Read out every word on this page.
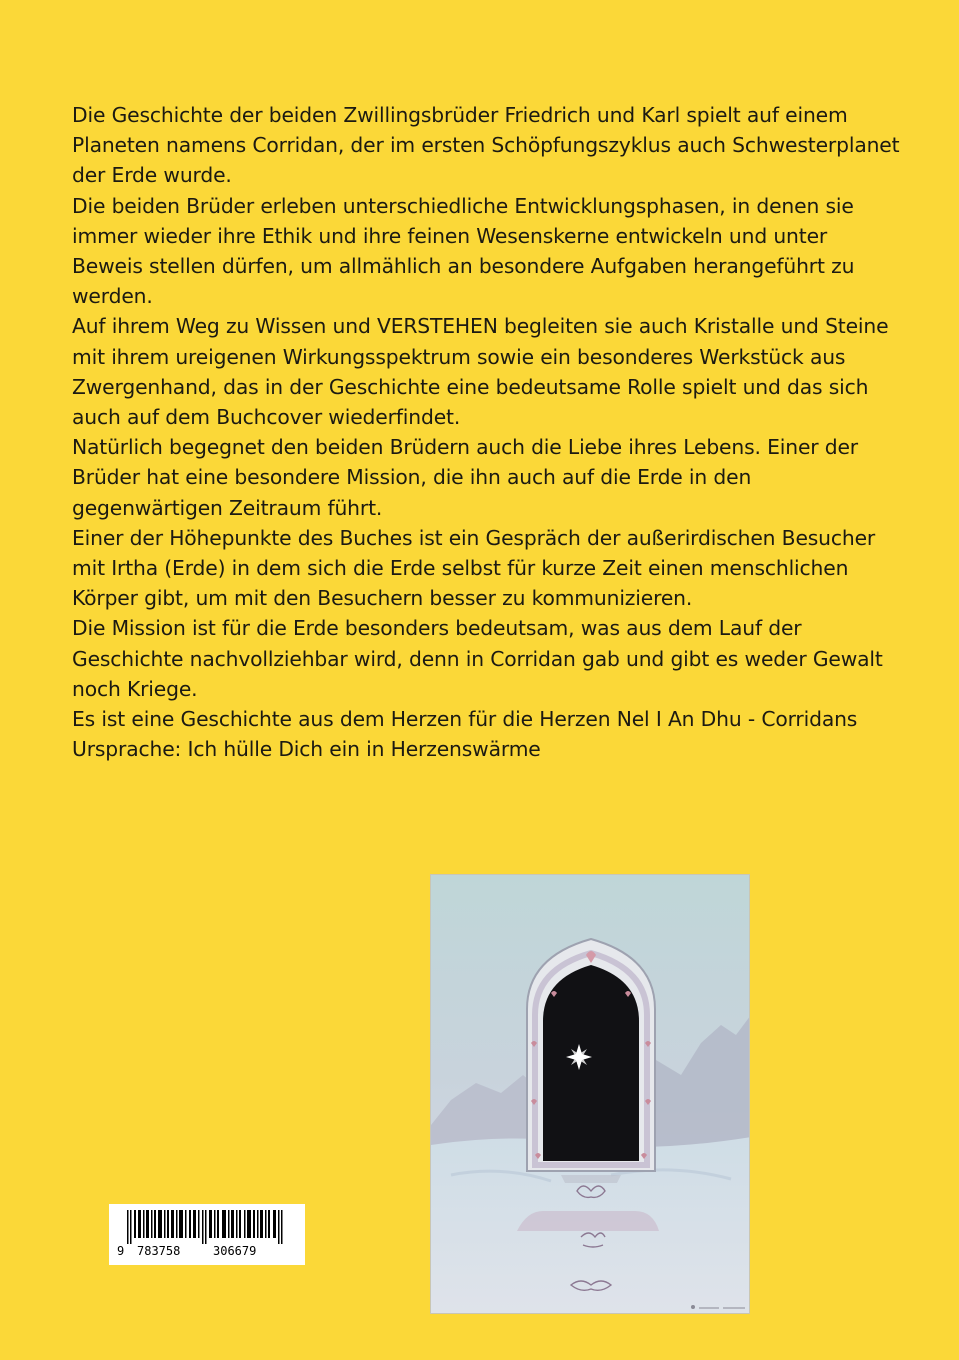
Die Geschichte der beiden Zwillingsbrüder Friedrich und Karl spielt auf einem Planeten namens Corridan, der im ersten Schöpfungszyklus auch Schwesterplanet der Erde wurde.

Die beiden Brüder erleben unterschiedliche Entwicklungsphasen, in denen sie immer wieder ihre Ethik und ihre feinen Wesenskerne entwickeln und unter Beweis stellen dürfen, um allmählich an besondere Aufgaben herangeführt zu werden.

Auf ihrem Weg zu Wissen und VERSTEHEN begleiten sie auch Kristalle und Steine mit ihrem ureigenen Wirkungsspektrum sowie ein besonderes Werkstück aus Zwergenhand, das in der Geschichte eine bedeutsame Rolle spielt und das sich auch auf dem Buchcover wiederfindet.

Natürlich begegnet den beiden Brüdern auch die Liebe ihres Lebens. Einer der Brüder hat eine besondere Mission, die ihn auch auf die Erde in den gegenwärtigen Zeitraum führt.

Einer der Höhepunkte des Buches ist ein Gespräch der außerirdischen Besucher mit Irtha (Erde) in dem sich die Erde selbst für kurze Zeit einen menschlichen Körper gibt, um mit den Besuchern besser zu kommunizieren.

Die Mission ist für die Erde besonders bedeutsam, was aus dem Lauf der Geschichte nachvollziehbar wird, denn in Corridan gab und gibt es weder Gewalt noch Kriege.

Es ist eine Geschichte aus dem Herzen für die Herzen Nel I An Dhu - Corridans Ursprache: Ich hülle Dich ein in Herzenswärme

9

783758

	306679
